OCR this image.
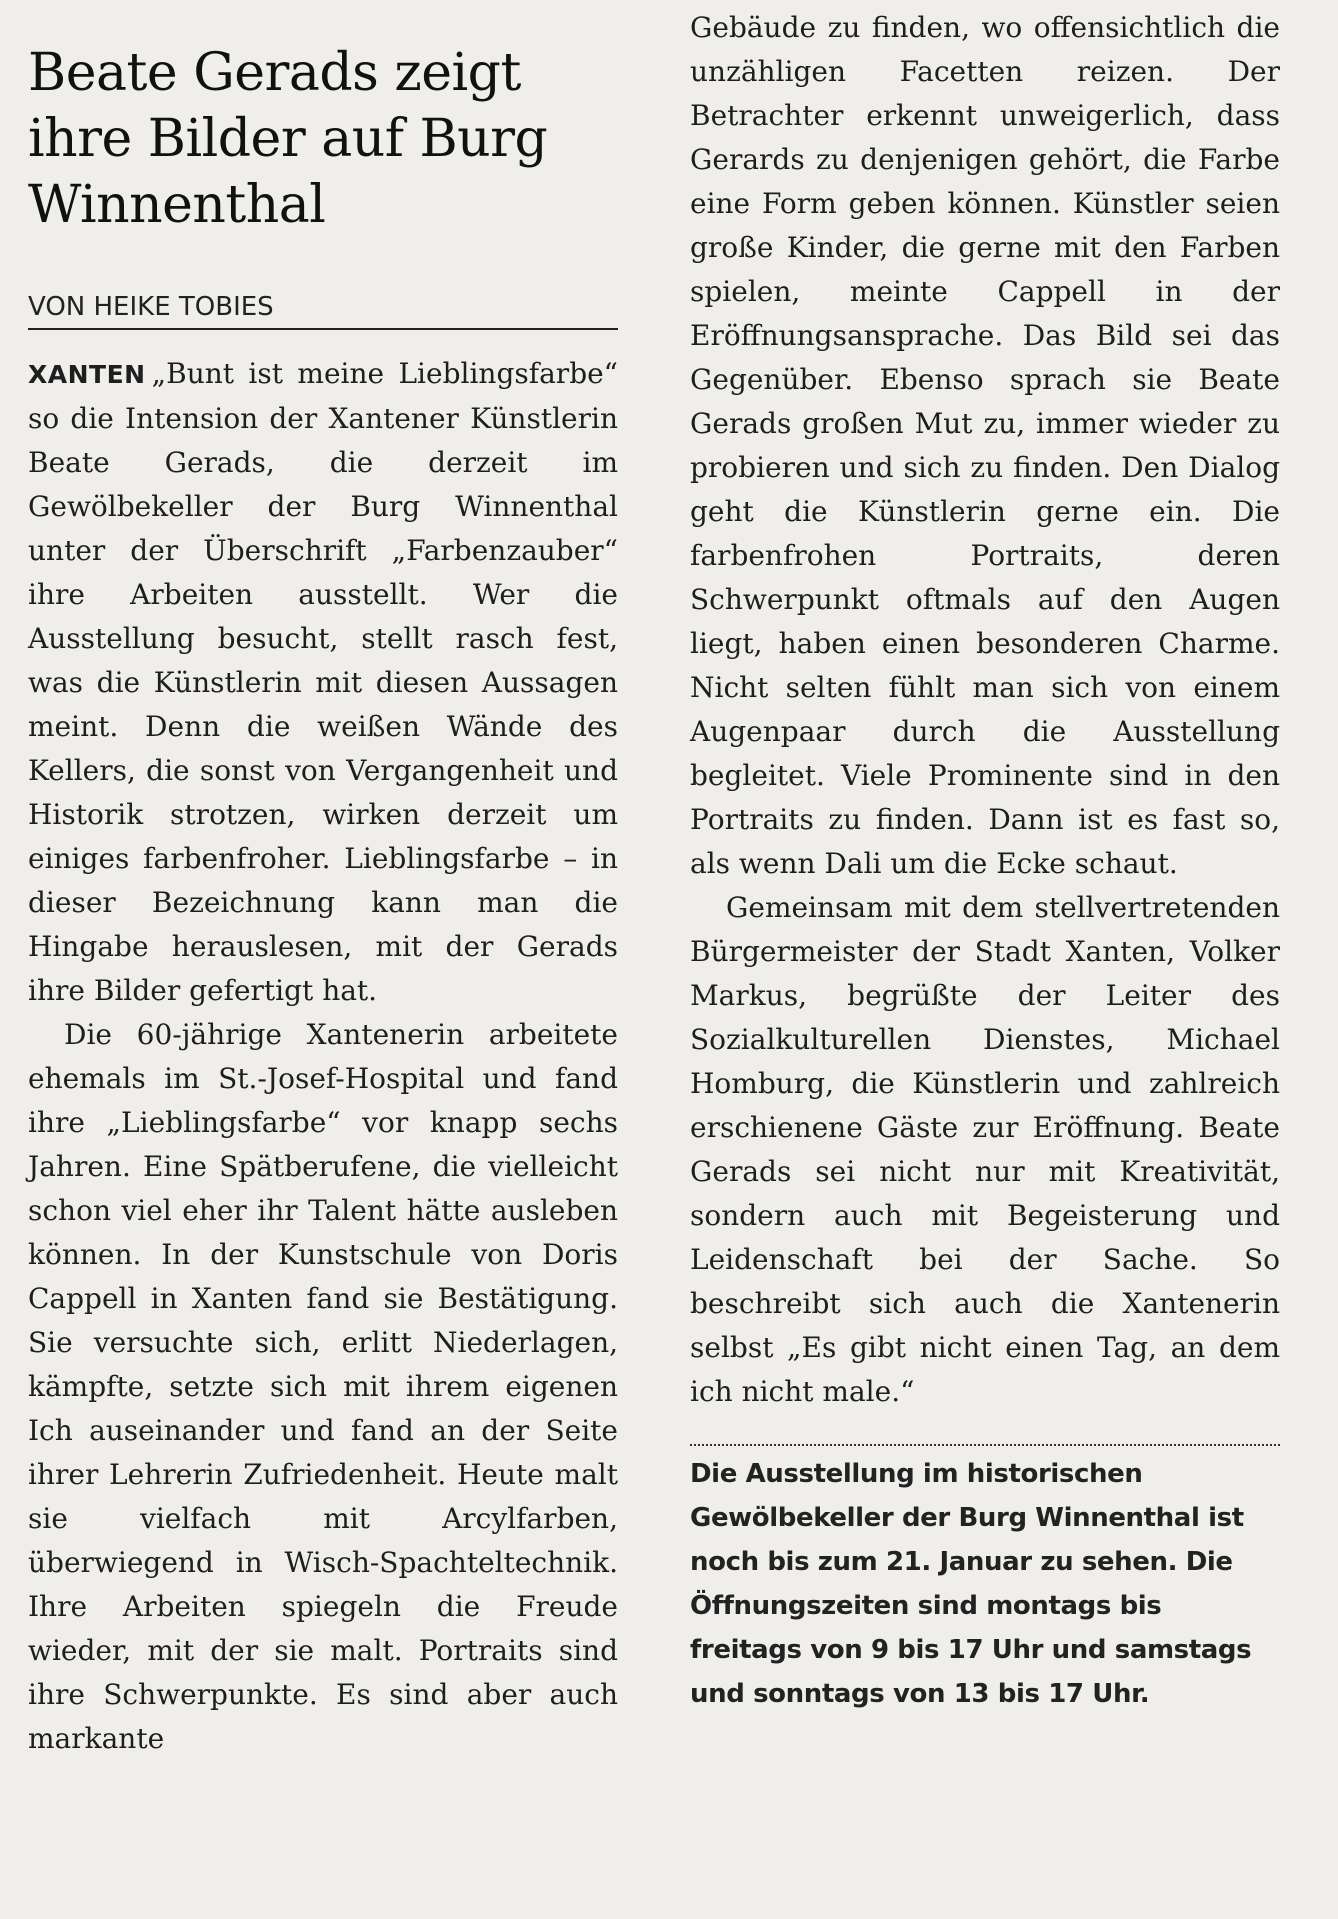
Beate Gerads zeigt ihre Bilder auf Burg Winnenthal
VON HEIKE TOBIES

XANTEN „Bunt ist meine Lieblingsfarbe“ so die Intension der Xantener Künstlerin Beate Gerads, die derzeit im Gewölbekeller der Burg Winnenthal unter der Überschrift „Farbenzauber“ ihre Arbeiten ausstellt. Wer die Ausstellung besucht, stellt rasch fest, was die Künstlerin mit diesen Aussagen meint. Denn die weißen Wände des Kellers, die sonst von Vergangenheit und Historik strotzen, wirken derzeit um einiges farbenfroher. Lieblingsfarbe – in dieser Bezeichnung kann man die Hingabe herauslesen, mit der Gerads ihre Bilder gefertigt hat.

Die 60-jährige Xantenerin arbeitete ehemals im St.-Josef-Hospital und fand ihre „Lieblingsfarbe“ vor knapp sechs Jahren. Eine Spätberufene, die vielleicht schon viel eher ihr Talent hätte ausleben können. In der Kunstschule von Doris Cappell in Xanten fand sie Bestätigung. Sie versuchte sich, erlitt Niederlagen, kämpfte, setzte sich mit ihrem eigenen Ich auseinander und fand an der Seite ihrer Lehrerin Zufriedenheit. Heute malt sie vielfach mit Arcylfarben, überwiegend in Wisch-Spachteltechnik. Ihre Arbeiten spiegeln die Freude wieder, mit der sie malt. Portraits sind ihre Schwerpunkte. Es sind aber auch markante

Gebäude zu finden, wo offensichtlich die unzähligen Facetten reizen. Der Betrachter erkennt unweigerlich, dass Gerards zu denjenigen gehört, die Farbe eine Form geben können. Künstler seien große Kinder, die gerne mit den Farben spielen, meinte Cappell in der Eröffnungsansprache. Das Bild sei das Gegenüber. Ebenso sprach sie Beate Gerads großen Mut zu, immer wieder zu probieren und sich zu finden. Den Dialog geht die Künstlerin gerne ein. Die farbenfrohen Portraits, deren Schwerpunkt oftmals auf den Augen liegt, haben einen besonderen Charme. Nicht selten fühlt man sich von einem Augenpaar durch die Ausstellung begleitet. Viele Prominente sind in den Portraits zu finden. Dann ist es fast so, als wenn Dali um die Ecke schaut.

Gemeinsam mit dem stellvertretenden Bürgermeister der Stadt Xanten, Volker Markus, begrüßte der Leiter des Sozialkulturellen Dienstes, Michael Homburg, die Künstlerin und zahlreich erschienene Gäste zur Eröffnung. Beate Gerads sei nicht nur mit Kreativität, sondern auch mit Begeisterung und Leidenschaft bei der Sache. So beschreibt sich auch die Xantenerin selbst „Es gibt nicht einen Tag, an dem ich nicht male.“

Die Ausstellung im historischen Gewölbekeller der Burg Winnenthal ist noch bis zum 21. Januar zu sehen. Die Öffnungszeiten sind montags bis freitags von 9 bis 17 Uhr und samstags und sonntags von 13 bis 17 Uhr.
